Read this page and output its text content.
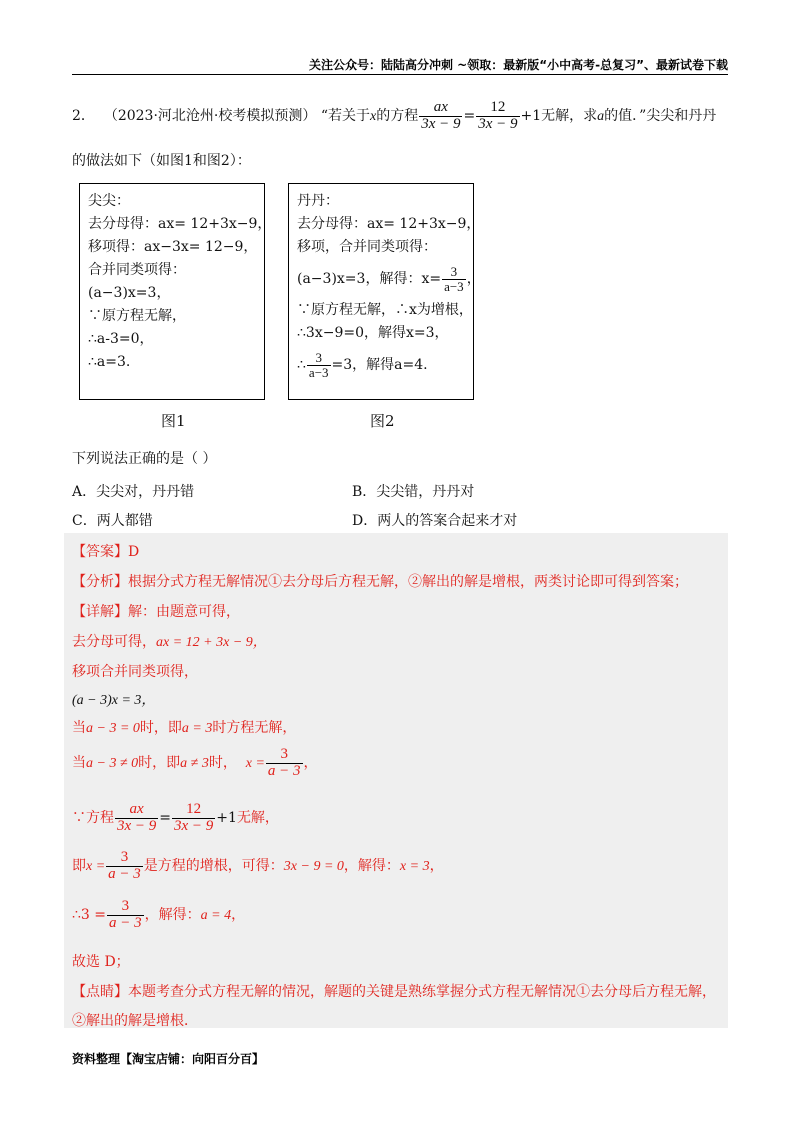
关注公众号：陆陆高分冲刺 ~领取：最新版“小中高考-总复习”、最新试卷下载
2． （2023·河北沧州·校考模拟预测） “若关于x的方程 $\frac{ax}{3x - 9} = \frac{12}{3x - 9} +1$无解，求a的值．”尖尖和丹丹
的做法如下（如图1和图2）：
尖尖：
去分母得：ax= 12+3x−9，
移项得：ax−3x= 12−9，
合并同类项得：
(a−3)x=3，
∵原方程无解，
∴a-3=0，
∴a=3.
丹丹：
去分母得：ax= 12+3x−9，
移项，合并同类项得：
(a−3)x=3，解得：$x= \frac{3}{a-3}$ ，
∵原方程无解，∴x为增根，
∴3x−9=0，解得x=3，
∴ $\frac{3}{a-3} =3$，解得a=4.
图1	图2
下列说法正确的是（ ）
A．尖尖对，丹丹错	B．尖尖错，丹丹对
C．两人都错	D．两人的答案合起来才对
【答案】D
【分析】根据分式方程无解情况①去分母后方程无解，②解出的解是增根，两类讨论即可得到答案；
【详解】解：由题意可得，
去分母可得，ax = 12 + 3x − 9，
移项合并同类项得，
(a − 3)x = 3，
当a − 3 = 0时，即a = 3时方程无解，
当a − 3 ≠ 0时，即a ≠ 3时， $x = \frac{3}{a - 3}$ ，
∵方程 $\frac{ax}{3x - 9} = \frac{12}{3x - 9} +1$无解，
即$x = \frac{3}{a - 3}$ 是方程的增根，可得：3x − 9 = 0，解得：x = 3，
∴3 = $\frac{3}{a - 3}$ ，解得：a = 4，
故选 D；
【点睛】本题考查分式方程无解的情况，解题的关键是熟练掌握分式方程无解情况①去分母后方程无解，
②解出的解是增根．
资料整理【淘宝店铺：向阳百分百】
